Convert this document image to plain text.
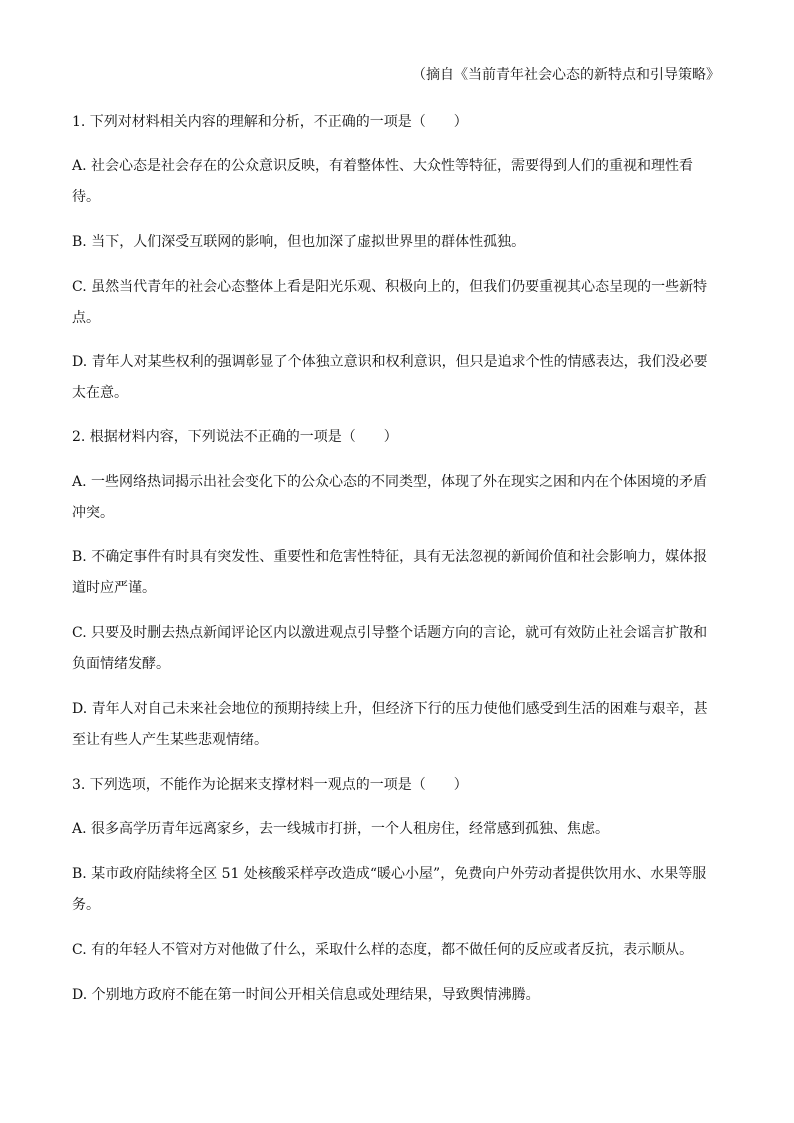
（摘自《当前青年社会心态的新特点和引导策略》
1. 下列对材料相关内容的理解和分析，不正确的一项是（　　）
A. 社会心态是社会存在的公众意识反映，有着整体性、大众性等特征，需要得到人们的重视和理性看
待。
B. 当下，人们深受互联网的影响，但也加深了虚拟世界里的群体性孤独。
C. 虽然当代青年的社会心态整体上看是阳光乐观、积极向上的，但我们仍要重视其心态呈现的一些新特
点。
D. 青年人对某些权利的强调彰显了个体独立意识和权利意识，但只是追求个性的情感表达，我们没必要
太在意。
2. 根据材料内容，下列说法不正确的一项是（　　）
A. 一些网络热词揭示出社会变化下的公众心态的不同类型，体现了外在现实之困和内在个体困境的矛盾
冲突。
B. 不确定事件有时具有突发性、重要性和危害性特征，具有无法忽视的新闻价值和社会影响力，媒体报
道时应严谨。
C. 只要及时删去热点新闻评论区内以激进观点引导整个话题方向的言论，就可有效防止社会谣言扩散和
负面情绪发酵。
D. 青年人对自己未来社会地位的预期持续上升，但经济下行的压力使他们感受到生活的困难与艰辛，甚
至让有些人产生某些悲观情绪。
3. 下列选项，不能作为论据来支撑材料一观点的一项是（　　）
A. 很多高学历青年远离家乡，去一线城市打拼，一个人租房住，经常感到孤独、焦虑。
B. 某市政府陆续将全区 51 处核酸采样亭改造成“暖心小屋”，免费向户外劳动者提供饮用水、水果等服
务。
C. 有的年轻人不管对方对他做了什么，采取什么样的态度，都不做任何的反应或者反抗，表示顺从。
D. 个别地方政府不能在第一时间公开相关信息或处理结果，导致舆情沸腾。
